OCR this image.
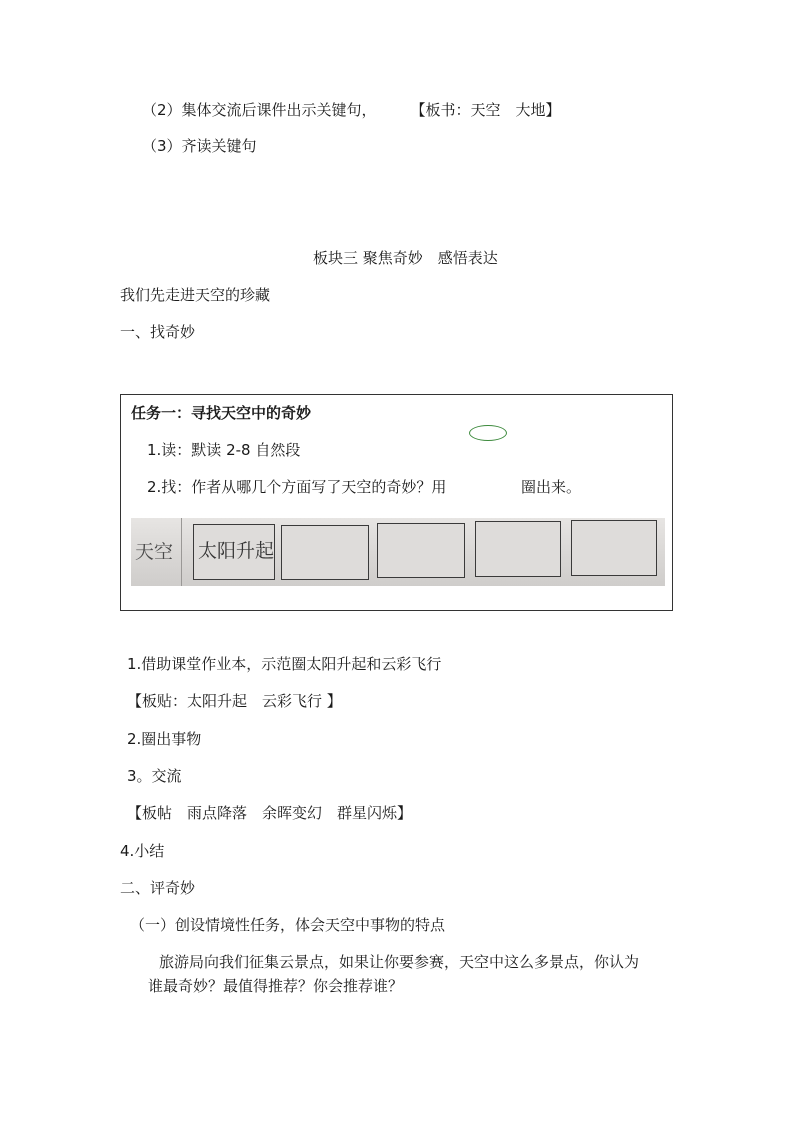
（2）集体交流后课件出示关键句， 【板书：天空　大地】
（3）齐读关键句
板块三 聚焦奇妙　感悟表达
我们先走进天空的珍藏
一、找奇妙
任务一：寻找天空中的奇妙
1.读：默读 2-8 自然段
2.找：作者从哪几个方面写了天空的奇妙？用	圈出来。
天空 太阳升起
1.借助课堂作业本，示范圈太阳升起和云彩飞行
【板贴：太阳升起　云彩飞行 】
2.圈出事物
3。交流
【板帖　雨点降落　余晖变幻　群星闪烁】
4.小结
二、评奇妙
（一）创设情境性任务，体会天空中事物的特点
旅游局向我们征集云景点，如果让你要参赛，天空中这么多景点，你认为
谁最奇妙？最值得推荐？你会推荐谁？
